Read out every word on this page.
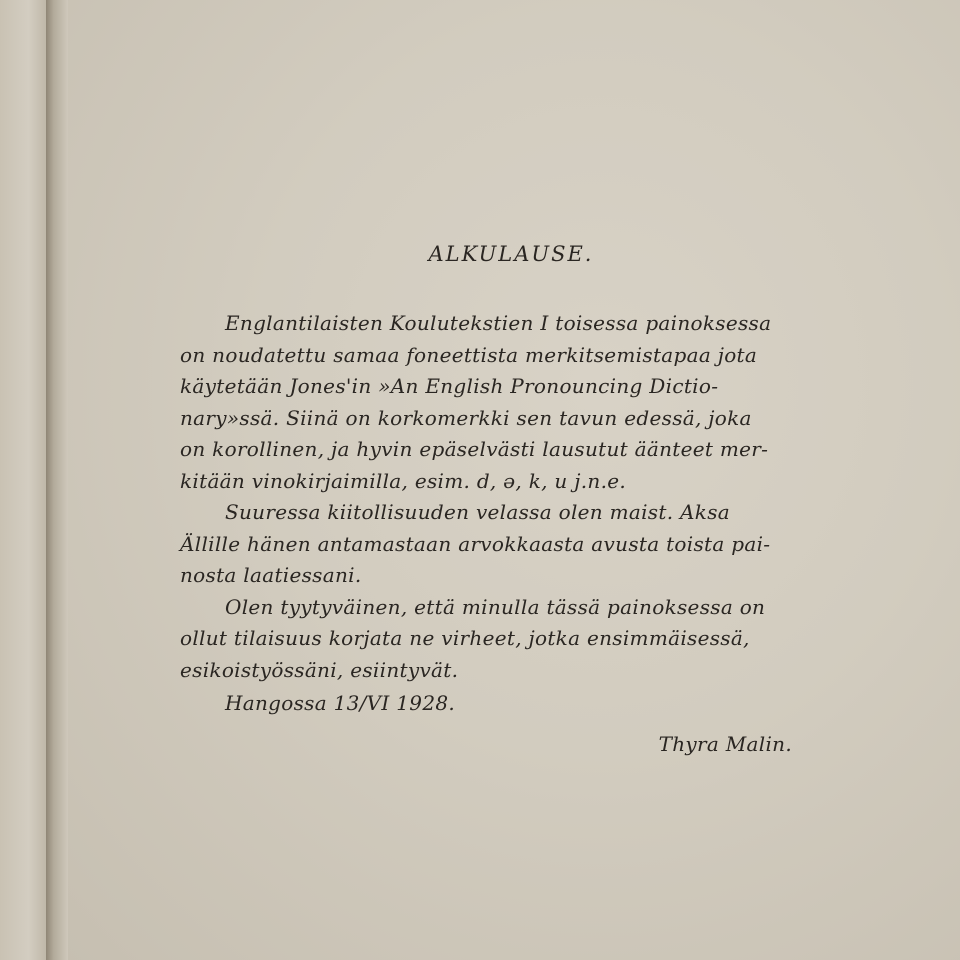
ALKULAUSE.
Englantilaisten Koulutekstien I toisessa painoksessa
on noudatettu samaa foneettista merkitsemistapaa jota
käytetään Jones'in »An English Pronouncing Dictio-
nary»ssä. Siinä on korkomerkki sen tavun edessä, joka
on korollinen, ja hyvin epäselvästi lausutut äänteet mer-
kitään vinokirjaimilla, esim. d, ə, k, u j.n.e.
Suuressa kiitollisuuden velassa olen maist. Aksa
Ällille hänen antamastaan arvokkaasta avusta toista pai-
nosta laatiessani.
Olen tyytyväinen, että minulla tässä painoksessa on
ollut tilaisuus korjata ne virheet, jotka ensimmäisessä,
esikoistyössäni, esiintyvät.
Hangossa 13/VI 1928.
Thyra Malin.
